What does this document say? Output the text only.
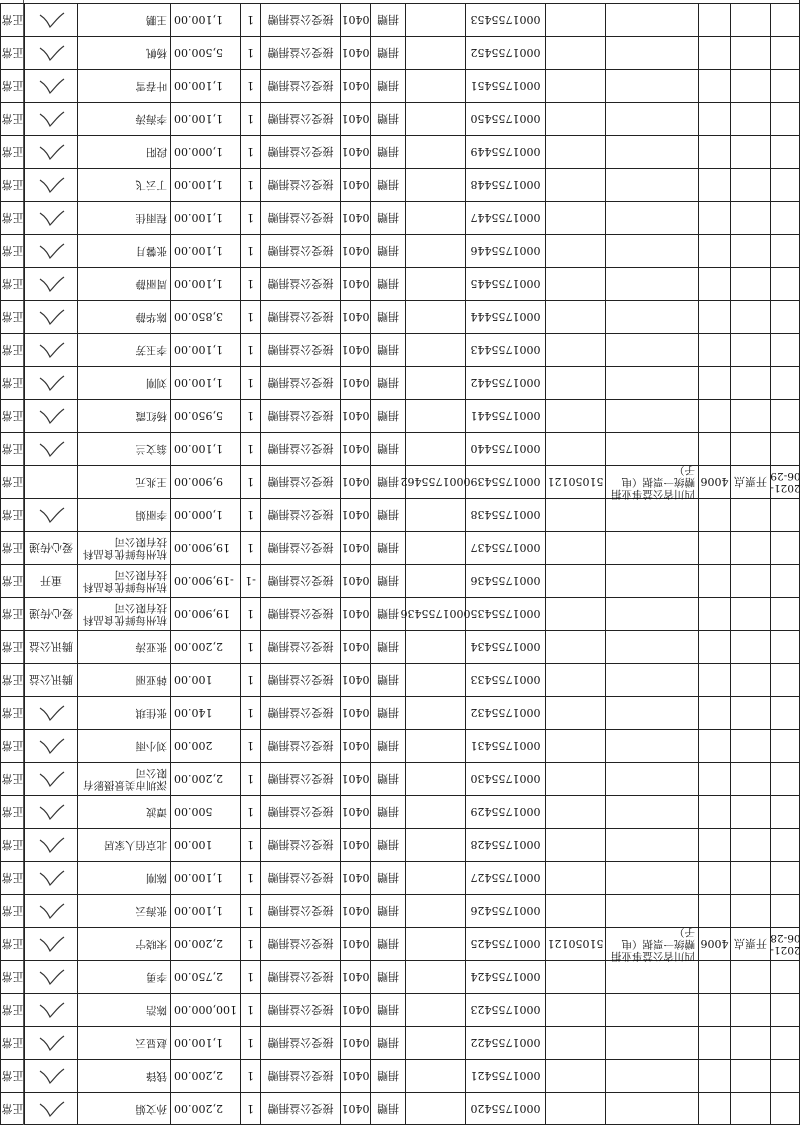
0001755420
捐赠
0401
接受公益捐赠
1
2,200.00
孙文娟
正常
0001755421
捐赠
0401
接受公益捐赠
1
2,200.00
钱锋
正常
0001755422
捐赠
0401
接受公益捐赠
1
1,100.00
赵显云
正常
0001755423
捐赠
0401
接受公益捐赠
1
100,000.00
陈浩
正常
0001755424
捐赠
0401
接受公益捐赠
1
2,750.00
李勇
正常
2021-06-28
开票点
4006
四川省公益事业捐赠统一票据（电子）
51050121
0001755425
捐赠
0401
接受公益捐赠
1
2,200.00
宋晓宁
正常
0001755426
捐赠
0401
接受公益捐赠
1
1,100.00
张海云
正常
0001755427
捐赠
0401
接受公益捐赠
1
1,100.00
陈刚
正常
0001755428
捐赠
0401
接受公益捐赠
1
100.00
北京佰人家居
正常
0001755429
捐赠
0401
接受公益捐赠
1
500.00
谭波
正常
0001755430
捐赠
0401
接受公益捐赠
1
2,200.00
深圳市美景摄影有限公司
正常
0001755431
捐赠
0401
接受公益捐赠
1
200.00
刘小雨
正常
0001755432
捐赠
0401
接受公益捐赠
1
140.00
张佳琪
正常
0001755433
捐赠
0401
接受公益捐赠
1
100.00
韩亚丽
腾讯公益
正常
0001755434
捐赠
0401
接受公益捐赠
1
2,200.00
张亚涛
腾讯公益
正常
0001755435
0001755436
捐赠
0401
接受公益捐赠
1
19,900.00
杭州每鲜优食品科技有限公司
爱心传递
正常
0001755436
捐赠
0401
接受公益捐赠
-1
-19,900.00
杭州每鲜优食品科技有限公司
重开
正常
0001755437
捐赠
0401
接受公益捐赠
1
19,900.00
杭州每鲜优食品科技有限公司
爱心传递
正常
0001755438
捐赠
0401
接受公益捐赠
1
1,000.00
李丽娟
正常
2021-06-29
开票点
4006
四川省公益事业捐赠统一票据（电子）
51050121
0001755439
0001755462
捐赠
0401
接受公益捐赠
1
9,900.00
王兆元
正常
0001755440
捐赠
0401
接受公益捐赠
1
1,100.00
翁文兰
正常
0001755441
捐赠
0401
接受公益捐赠
1
5,950.00
杨红霞
正常
0001755442
捐赠
0401
接受公益捐赠
1
1,100.00
刘刚
正常
0001755443
捐赠
0401
接受公益捐赠
1
1,100.00
李玉芳
正常
0001755444
捐赠
0401
接受公益捐赠
1
3,850.00
陈华静
正常
0001755445
捐赠
0401
接受公益捐赠
1
1,100.00
周丽静
正常
0001755446
捐赠
0401
接受公益捐赠
1
1,100.00
张馨月
正常
0001755447
捐赠
0401
接受公益捐赠
1
1,100.00
程雨佳
正常
0001755448
捐赠
0401
接受公益捐赠
1
1,100.00
丁云飞
正常
0001755449
捐赠
0401
接受公益捐赠
1
1,000.00
段阳
正常
0001755450
捐赠
0401
接受公益捐赠
1
1,100.00
李海涛
正常
0001755451
捐赠
0401
接受公益捐赠
1
1,100.00
叶春雪
正常
0001755452
捐赠
0401
接受公益捐赠
1
5,500.00
杨帆
正常
0001755453
捐赠
0401
接受公益捐赠
1
1,100.00
王鹏
正常
